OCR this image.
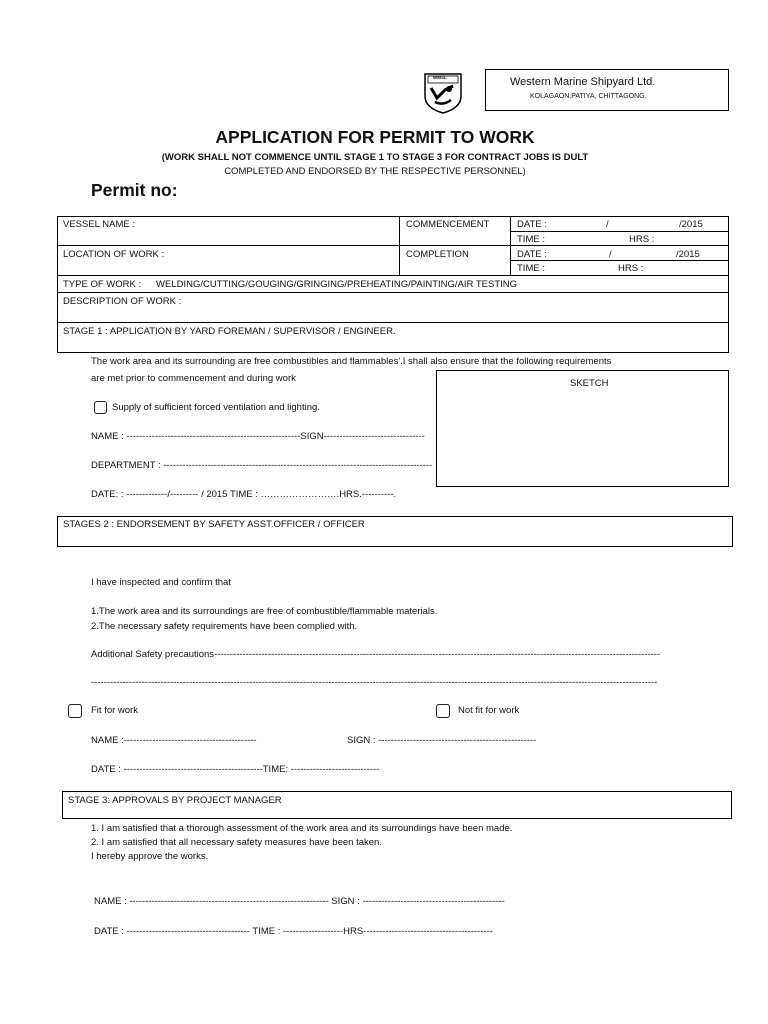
WMSL	Western Marine Shipyard Ltd.
KOLAGAON,PATIYA, CHITTAGONG.
APPLICATION FOR PERMIT TO WORK
(WORK SHALL NOT COMMENCE UNTIL STAGE 1 TO STAGE 3 FOR CONTRACT JOBS IS DULT
COMPLETED AND ENDORSED BY THE RESPECTIVE PERSONNEL)
Permit no:
VESSEL NAME :	COMMENCEMENT	DATE :	/	/2015
TIME :	HRS :
LOCATION OF WORK :	COMPLETION	DATE :	/	/2015
TIME :	HRS :
TYPE OF WORK : WELDING/CUTTING/GOUGING/GRINGING/PREHEATING/PAINTING/AIR TESTING
DESCRIPTION OF WORK :
STAGE 1 : APPLICATION BY YARD FOREMAN / SUPERVISOR / ENGINEER.
The work area and its surrounding are free combustibles and flammables'.I shall also ensure that the following requirements
are met prior to commencement and during work	SKETCH
Supply of sufficient forced ventilation and lighting.
NAME : -------------------------------------------------------SIGN--------------------------------
DEPARTMENT : -------------------------------------------------------------------------------------
DATE: : -------------/--------- / 2015 TIME : …………………….HRS.----------.
STAGES 2 : ENDORSEMENT BY SAFETY ASST.OFFICER / OFFICER
I have inspected and confirm that
1.The work area and its surroundings are free of combustible/flammable materials.
2.The necessary safety requirements have been complied with.
Additional Safety precautions---------------------------------------------------------------------------------------------------------------------------------------------
-----------------------------------------------------------------------------------------------------------------------------------------------------------------------------------
Fit for work	Not fit for work
NAME :------------------------------------------	SIGN : --------------------------------------------------
DATE : --------------------------------------------TIME: ----------------------------
STAGE 3: APPROVALS BY PROJECT MANAGER
1. I am satisfied that a thorough assessment of the work area and its surroundings have been made.
2. I am satisfied that all necessary safety measures have been taken.
I hereby approve the works.
NAME : --------------------------------------------------------------- SIGN : ---------------------------------------------
DATE : --------------------------------------- TIME : -------------------HRS-----------------------------------------
